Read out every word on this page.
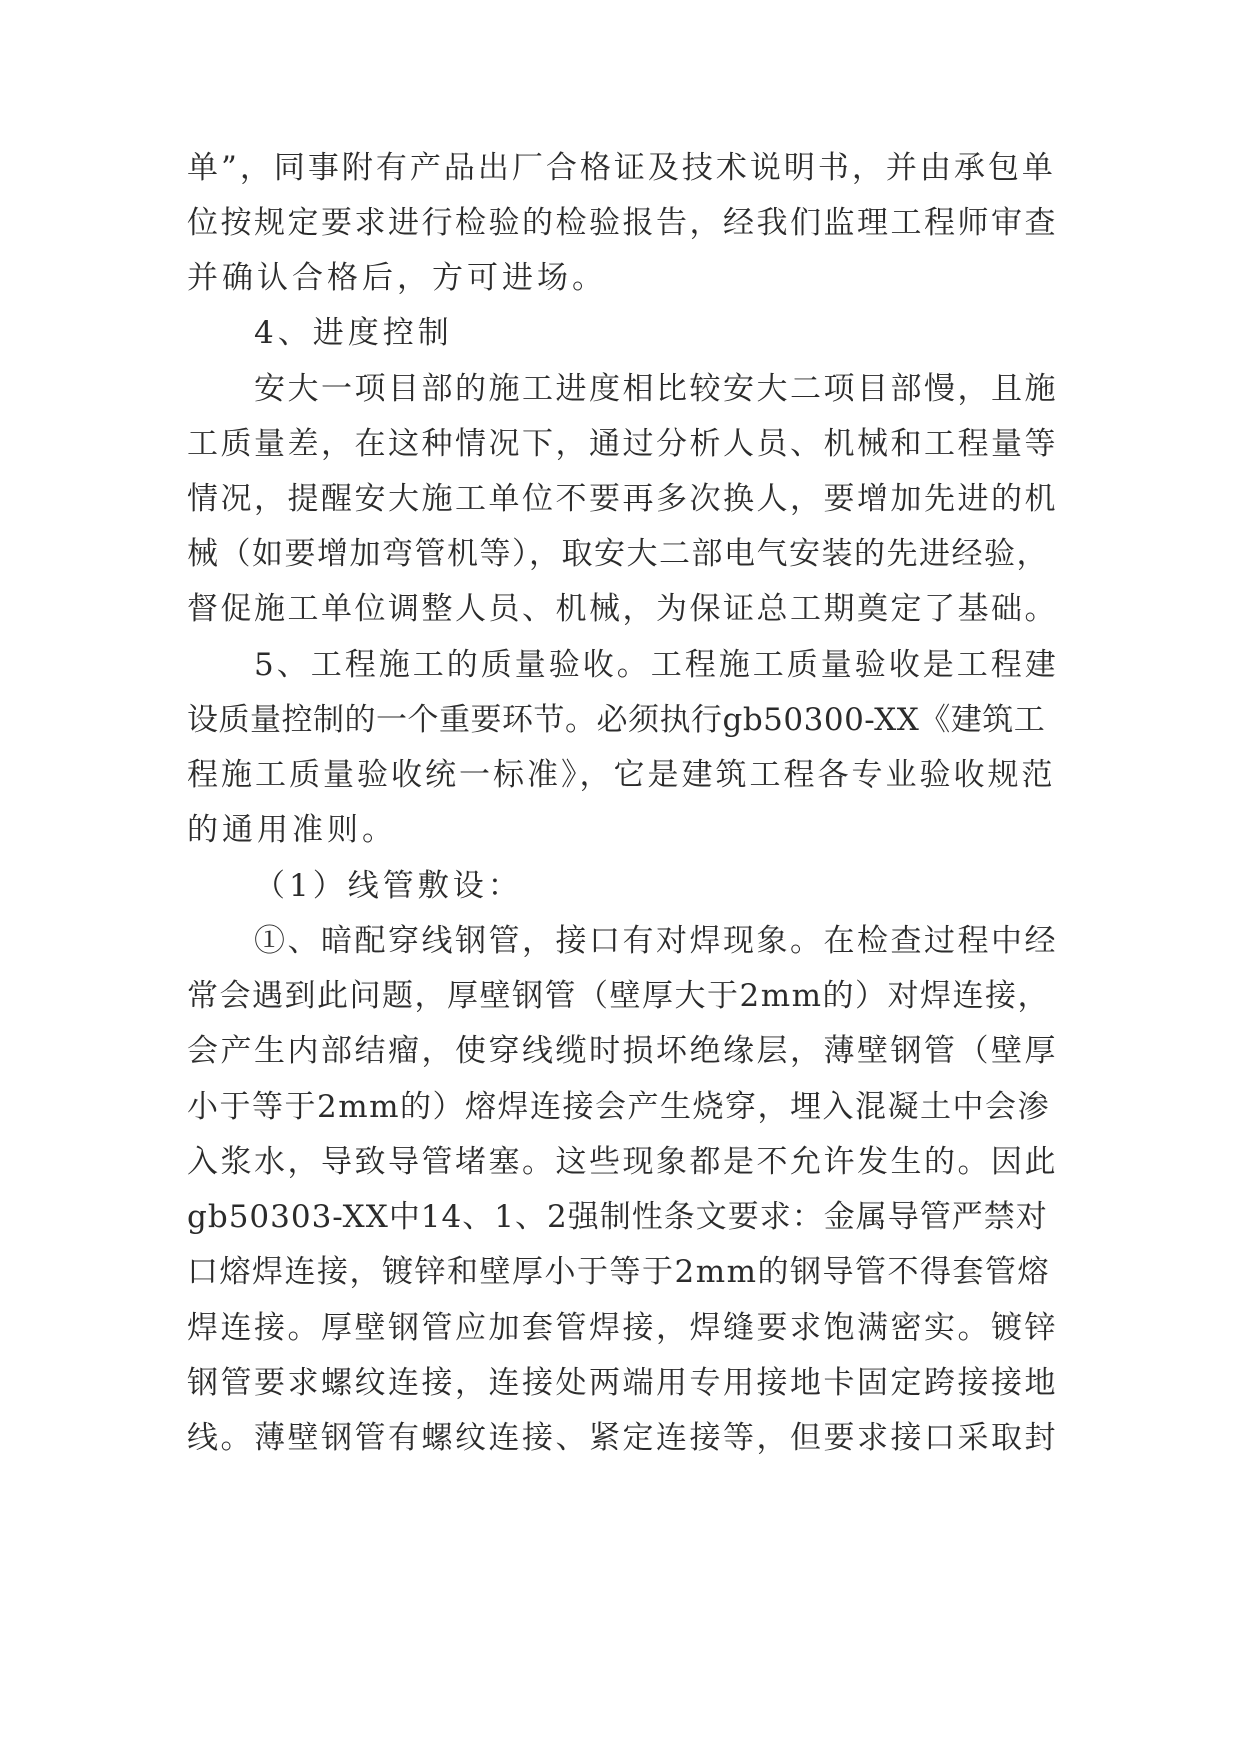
单”，同事附有产品出厂合格证及技术说明书，并由承包单
位按规定要求进行检验的检验报告，经我们监理工程师审查
并确认合格后，方可进场。
4、进度控制
安大一项目部的施工进度相比较安大二项目部慢，且施
工质量差，在这种情况下，通过分析人员、机械和工程量等
情况，提醒安大施工单位不要再多次换人，要增加先进的机
械（如要增加弯管机等），取安大二部电气安装的先进经验，
督促施工单位调整人员、机械，为保证总工期奠定了基础。
5、工程施工的质量验收。工程施工质量验收是工程建
设质量控制的一个重要环节。必须执行gb50300-XX《建筑工
程施工质量验收统一标准》，它是建筑工程各专业验收规范
的通用准则。
（1）线管敷设：
①、暗配穿线钢管，接口有对焊现象。在检查过程中经
常会遇到此问题，厚壁钢管（壁厚大于2mm的）对焊连接，
会产生内部结瘤，使穿线缆时损坏绝缘层，薄壁钢管（壁厚
小于等于2mm的）熔焊连接会产生烧穿，埋入混凝土中会渗
入浆水，导致导管堵塞。这些现象都是不允许发生的。因此
gb50303-XX中14、1、2强制性条文要求：金属导管严禁对
口熔焊连接，镀锌和壁厚小于等于2mm的钢导管不得套管熔
焊连接。厚壁钢管应加套管焊接，焊缝要求饱满密实。镀锌
钢管要求螺纹连接，连接处两端用专用接地卡固定跨接接地
线。薄壁钢管有螺纹连接、紧定连接等，但要求接口采取封
